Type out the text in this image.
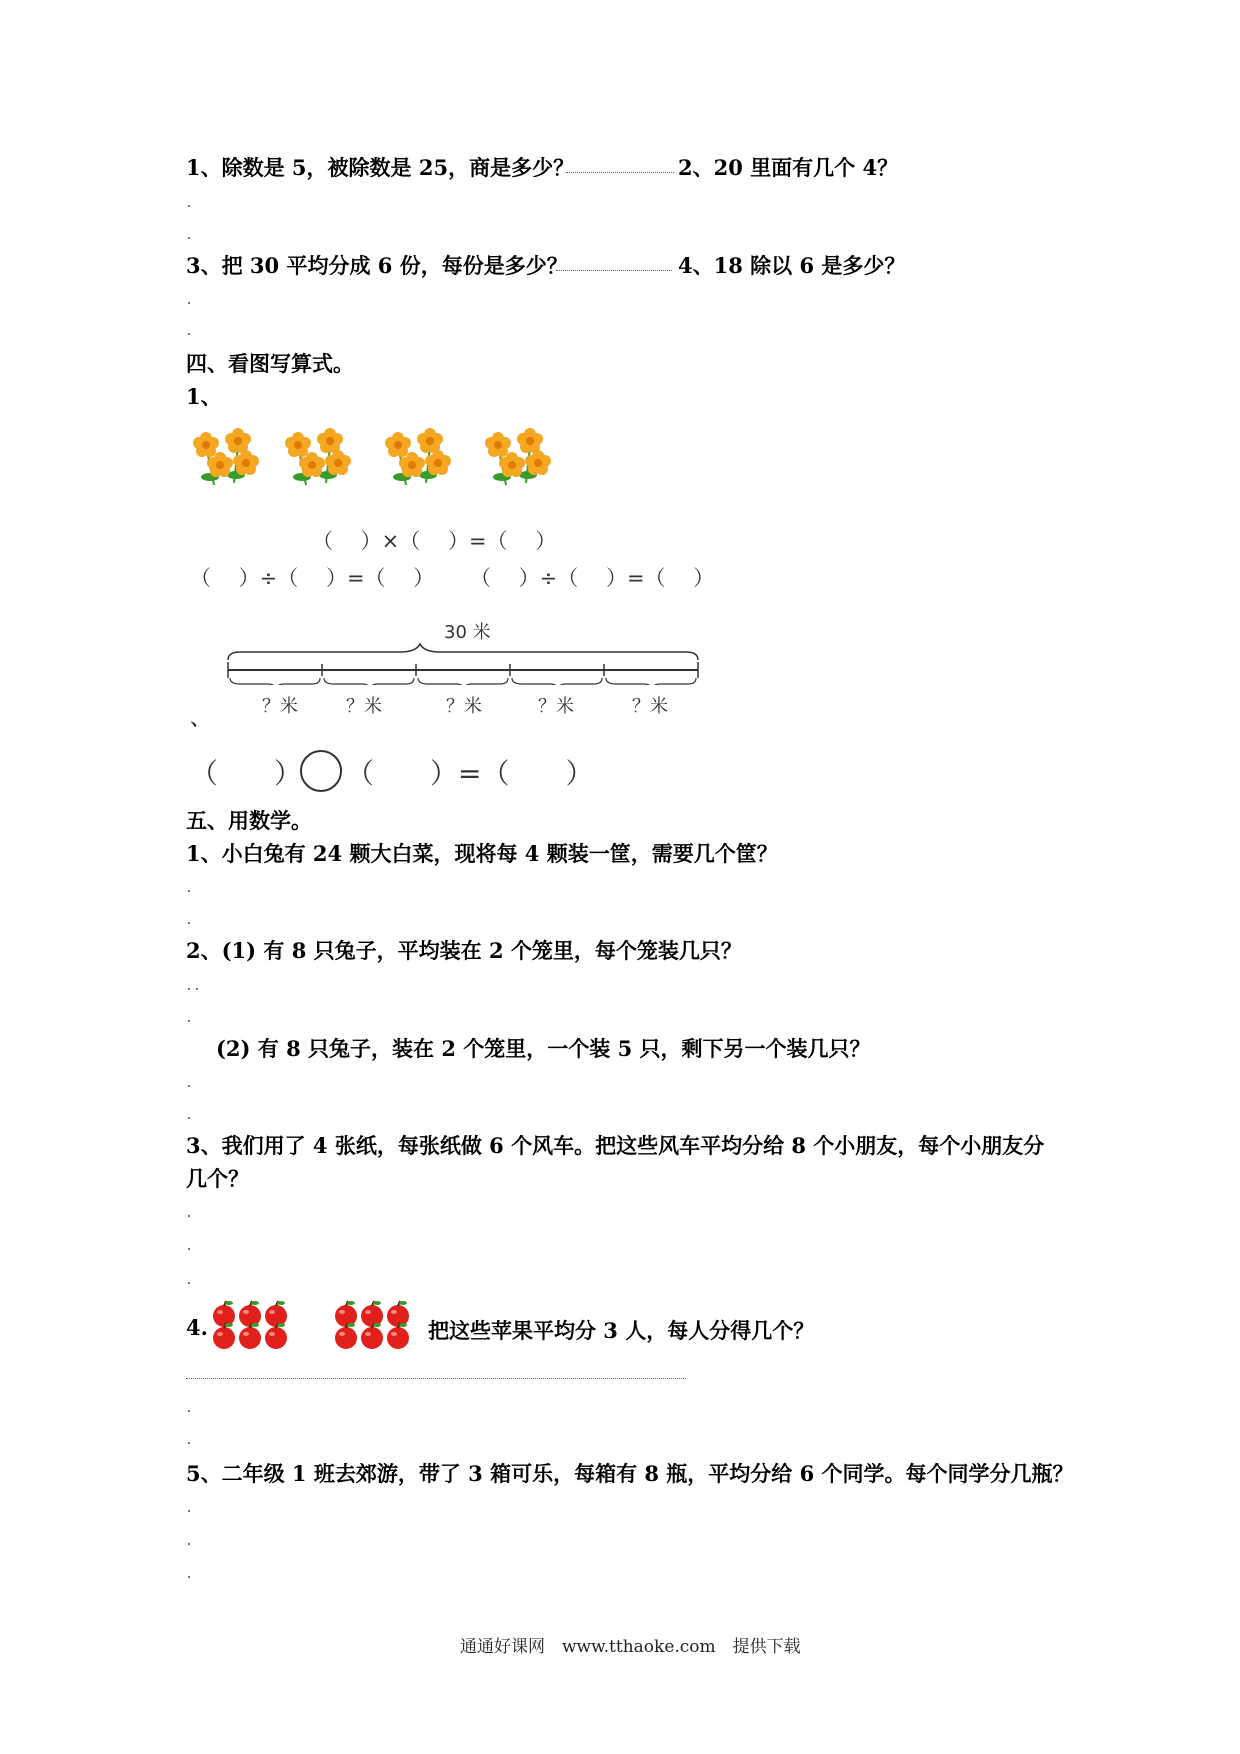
1、除数是 5，被除数是 25，商是多少？	2、20 里面有几个 4？
3、把 30 平均分成 6 份，每份是多少？	4、18 除以 6 是多少？
四、看图写算式。
1、
（　 ）×（　 ）=（　 ）
（　 ）÷（　 ）=（　 ） （　 ）÷（　 ）=（　 ）
30 米
？米	？米	？米	？米	？米
、
（　　） （　　）=（　　）
五、用数学。
1、小白兔有 24 颗大白菜，现将每 4 颗装一筐，需要几个筐？
2、(1) 有 8 只兔子，平均装在 2 个笼里，每个笼装几只？
(2) 有 8 只兔子，装在 2 个笼里，一个装 5 只，剩下另一个装几只？
3、我们用了 4 张纸，每张纸做 6 个风车。把这些风车平均分给 8 个小朋友，每个小朋友分
几个？
4.	把这些苹果平均分 3 人，每人分得几个？
5、二年级 1 班去郊游，带了 3 箱可乐，每箱有 8 瓶，平均分给 6 个同学。每个同学分几瓶？
通通好课网　www.tthaoke.com　提供下载
